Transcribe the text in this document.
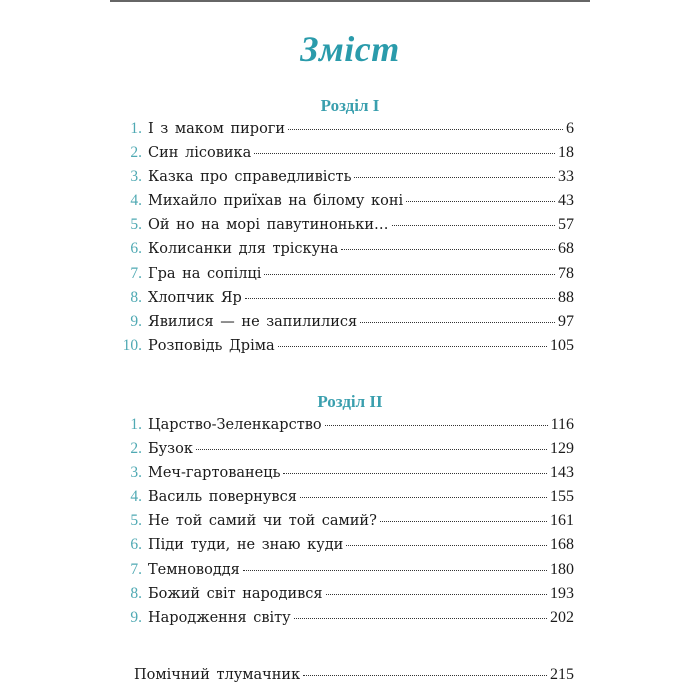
Зміст
Розділ І
1. І з маком пироги	6
2. Син лісовика	18
3. Казка про справедливість	33
4. Михайло приїхав на білому коні	43
5. Ой но на морі павутиноньки…	57
6. Колисанки для тріскуна	68
7. Гра на сопілці	78
8. Хлопчик Яр	88
9. Явилися — не запилилися	97
10. Розповідь Дріма	105
Розділ ІІ
1. Царство-Зеленкарство	116
2. Бузок	129
3. Меч-гартованець	143
4. Василь повернувся	155
5. Не той самий чи той самий?	161
6. Піди туди, не знаю куди	168
7. Темноводдя	180
8. Божий світ народився	193
9. Народження світу	202
Помічний тлумачник	215
